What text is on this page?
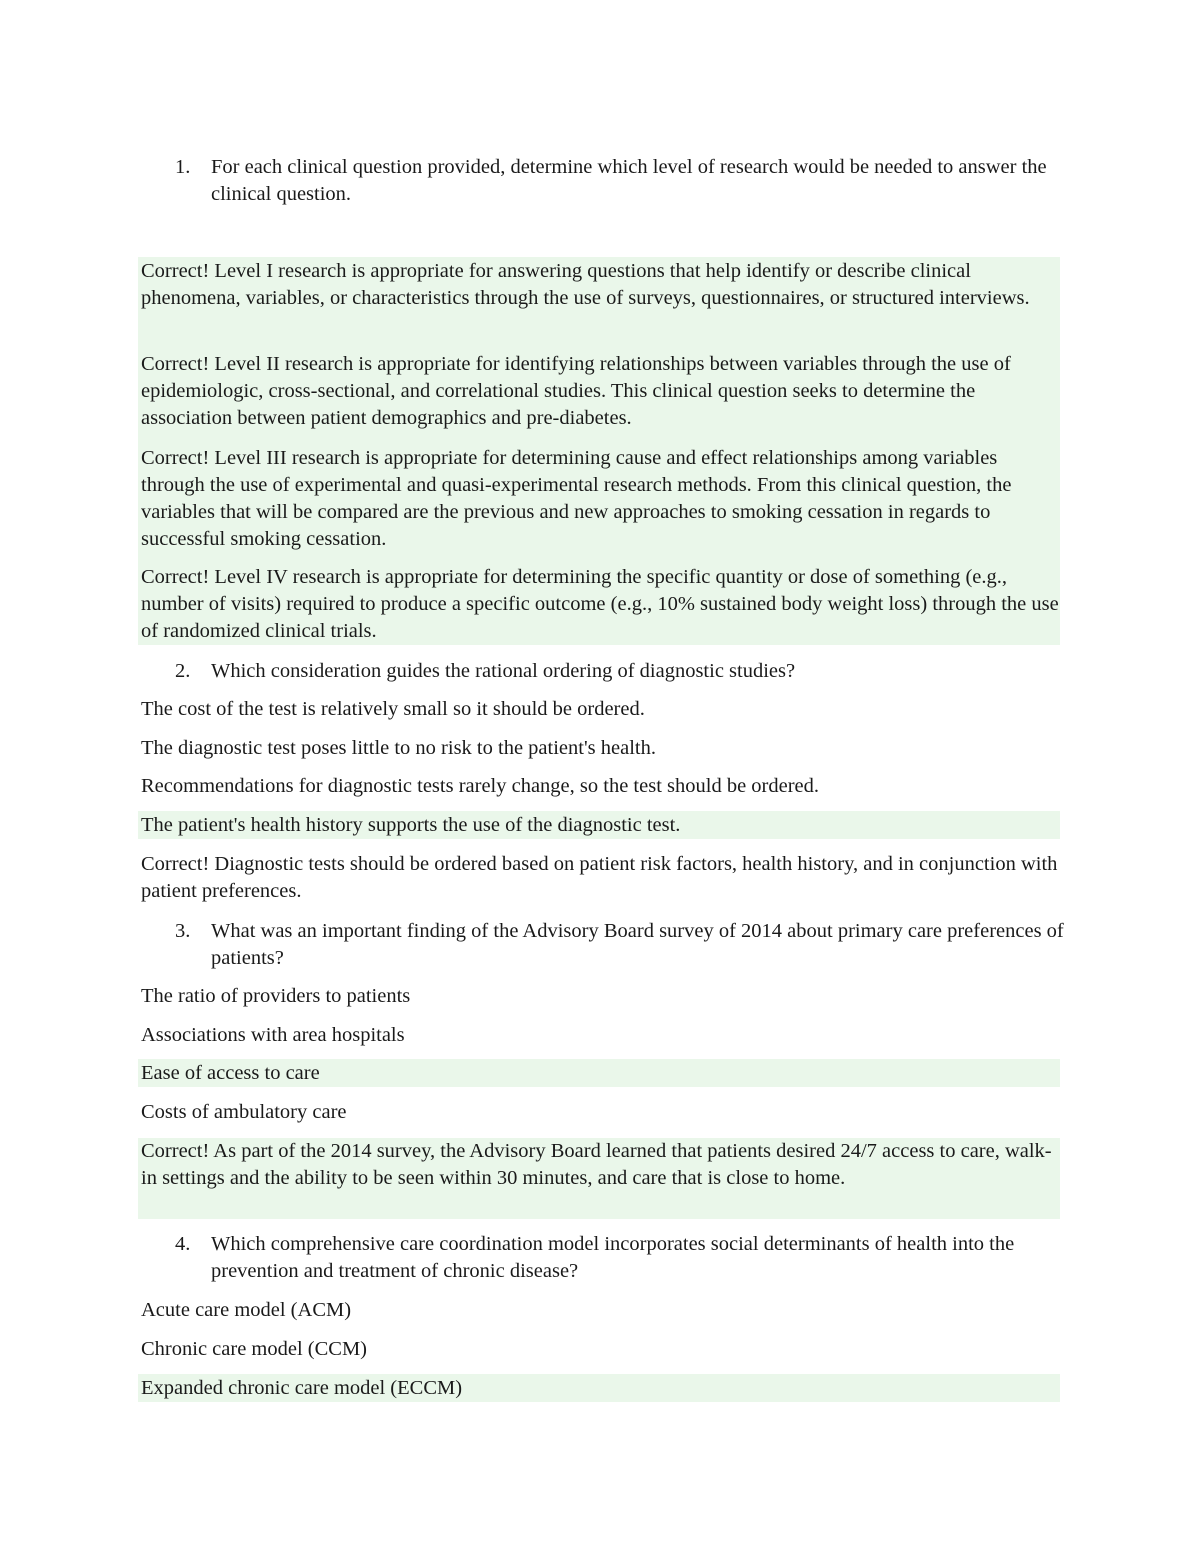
1. For each clinical question provided, determine which level of research would be needed to answer the clinical question.
Correct! Level I research is appropriate for answering questions that help identify or describe clinical phenomena, variables, or characteristics through the use of surveys, questionnaires, or structured interviews.
Correct! Level II research is appropriate for identifying relationships between variables through the use of epidemiologic, cross-sectional, and correlational studies. This clinical question seeks to determine the association between patient demographics and pre-diabetes.
Correct! Level III research is appropriate for determining cause and effect relationships among variables through the use of experimental and quasi-experimental research methods. From this clinical question, the variables that will be compared are the previous and new approaches to smoking cessation in regards to successful smoking cessation.
Correct! Level IV research is appropriate for determining the specific quantity or dose of something (e.g., number of visits) required to produce a specific outcome (e.g., 10% sustained body weight loss) through the use of randomized clinical trials.
2. Which consideration guides the rational ordering of diagnostic studies?
The cost of the test is relatively small so it should be ordered.
The diagnostic test poses little to no risk to the patient's health.
Recommendations for diagnostic tests rarely change, so the test should be ordered.
The patient's health history supports the use of the diagnostic test.
Correct! Diagnostic tests should be ordered based on patient risk factors, health history, and in conjunction with patient preferences.
3. What was an important finding of the Advisory Board survey of 2014 about primary care preferences of patients?
The ratio of providers to patients
Associations with area hospitals
Ease of access to care
Costs of ambulatory care
Correct! As part of the 2014 survey, the Advisory Board learned that patients desired 24/7 access to care, walk-in settings and the ability to be seen within 30 minutes, and care that is close to home.
4. Which comprehensive care coordination model incorporates social determinants of health into the prevention and treatment of chronic disease?
Acute care model (ACM)
Chronic care model (CCM)
Expanded chronic care model (ECCM)
